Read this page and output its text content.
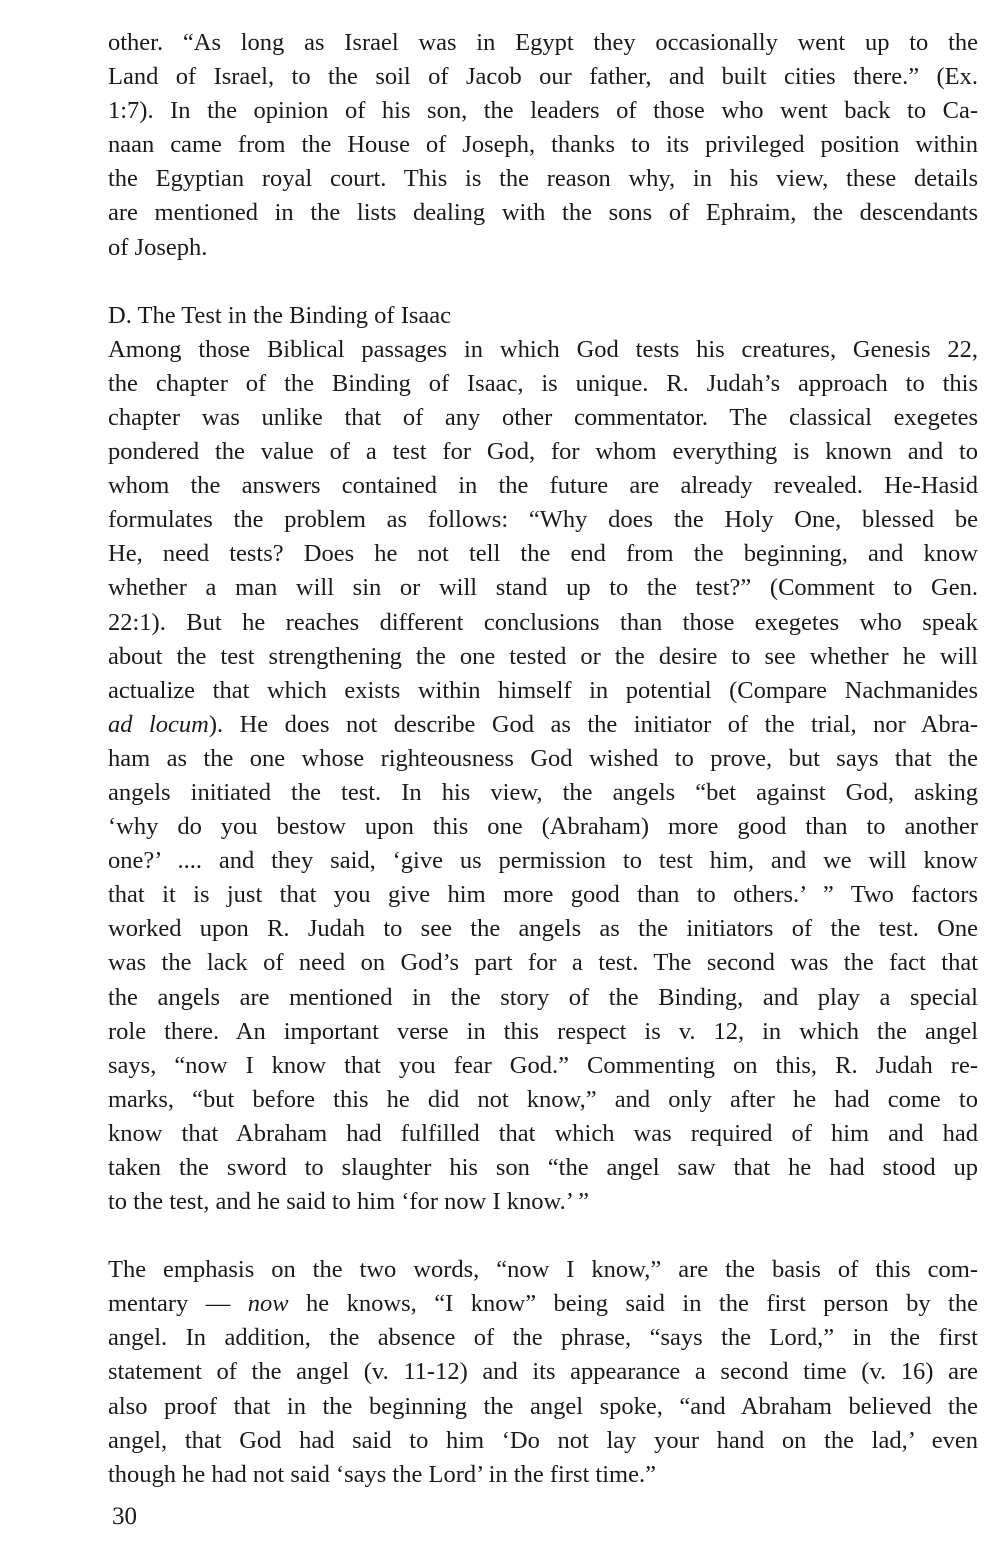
other. “As long as Israel was in Egypt they occasionally went up to the
Land of Israel, to the soil of Jacob our father, and built cities there.” (Ex.
1:7). In the opinion of his son, the leaders of those who went back to Ca-
naan came from the House of Joseph, thanks to its privileged position within
the Egyptian royal court. This is the reason why, in his view, these details
are mentioned in the lists dealing with the sons of Ephraim, the descendants
of Joseph.

D. The Test in the Binding of Isaac

Among those Biblical passages in which God tests his creatures, Genesis 22,
the chapter of the Binding of Isaac, is unique. R. Judah’s approach to this
chapter was unlike that of any other commentator. The classical exegetes
pondered the value of a test for God, for whom everything is known and to
whom the answers contained in the future are already revealed. He-Hasid
formulates the problem as follows: “Why does the Holy One, blessed be
He, need tests? Does he not tell the end from the beginning, and know
whether a man will sin or will stand up to the test?” (Comment to Gen.
22:1). But he reaches different conclusions than those exegetes who speak
about the test strengthening the one tested or the desire to see whether he will
actualize that which exists within himself in potential (Compare Nachmanides
ad locum). He does not describe God as the initiator of the trial, nor Abra-
ham as the one whose righteousness God wished to prove, but says that the
angels initiated the test. In his view, the angels “bet against God, asking
‘why do you bestow upon this one (Abraham) more good than to another
one?’ .... and they said, ‘give us permission to test him, and we will know
that it is just that you give him more good than to others.’ ” Two factors
worked upon R. Judah to see the angels as the initiators of the test. One
was the lack of need on God’s part for a test. The second was the fact that
the angels are mentioned in the story of the Binding, and play a special
role there. An important verse in this respect is v. 12, in which the angel
says, “now I know that you fear God.” Commenting on this, R. Judah re-
marks, “but before this he did not know,” and only after he had come to
know that Abraham had fulfilled that which was required of him and had
taken the sword to slaughter his son “the angel saw that he had stood up
to the test, and he said to him ‘for now I know.’ ”

The emphasis on the two words, “now I know,” are the basis of this com-
mentary — now he knows, “I know” being said in the first person by the
angel. In addition, the absence of the phrase, “says the Lord,” in the first
statement of the angel (v. 11-12) and its appearance a second time (v. 16) are
also proof that in the beginning the angel spoke, “and Abraham believed the
angel, that God had said to him ‘Do not lay your hand on the lad,’ even
though he had not said ‘says the Lord’ in the first time.”

30
